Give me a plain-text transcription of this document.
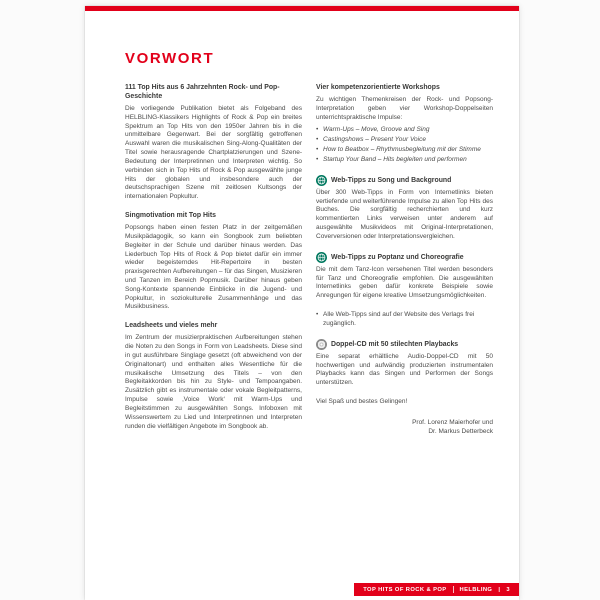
VORWORT
111 Top Hits aus 6 Jahrzehnten Rock- und Pop-Geschichte

Die vorliegende Publikation bietet als Folgeband des HELBLING-Klassikers Highlights of Rock & Pop ein breites Spektrum an Top Hits von den 1950er Jahren bis in die unmittelbare Gegenwart. Bei der sorgfältig getroffenen Auswahl waren die musikalischen Sing-Along-Qualitäten der Titel sowie herausragende Chartplatzierungen und Szene-Bedeutung der Interpretinnen und Interpreten wichtig. So verbinden sich in Top Hits of Rock & Pop ausgewählte junge Hits der globalen und insbesondere auch der deutschsprachigen Szene mit zeitlosen Kultsongs der internationalen Popkultur.

Singmotivation mit Top Hits

Popsongs haben einen festen Platz in der zeitgemäßen Musikpädagogik, so kann ein Songbook zum beliebten Begleiter in der Schule und darüber hinaus werden. Das Liederbuch Top Hits of Rock & Pop bietet dafür ein immer wieder begeisterndes Hit-Repertoire in besten praxisgerechten Aufbereitungen – für das Singen, Musizieren und Tanzen im Bereich Popmusik. Darüber hinaus geben Song-Kontexte spannende Einblicke in die Jugend- und Popkultur, in soziokulturelle Zusammenhänge und das Musikbusiness.

Leadsheets und vieles mehr

Im Zentrum der musizierpraktischen Aufbereitungen stehen die Noten zu den Songs in Form von Leadsheets. Diese sind in gut ausführbare Singlage gesetzt (oft abweichend von der Originaltonart) und enthalten alles Wesentliche für die musikalische Umsetzung des Titels – von den Begleitakkorden bis hin zu Style- und Tempoangaben. Zusätzlich gibt es instrumentale oder vokale Begleitpatterns, Impulse sowie ‚Voice Work‘ mit Warm-Ups und Begleitstimmen zu ausgewählten Songs. Infoboxen mit Wissenswertem zu Lied und Interpretinnen und Interpreten runden die vielfältigen Angebote im Songbook ab.

Vier kompetenzorientierte Workshops

Zu wichtigen Themenkreisen der Rock- und Popsong-Interpretation geben vier Workshop-Doppelseiten unterrichtspraktische Impulse:

• Warm-Ups – Move, Groove and Sing
• Castingshows – Present Your Voice
• How to Beatbox – Rhythmusbegleitung mit der Stimme
• Startup Your Band – Hits begleiten und performen
Web-Tipps zu Song und Background

Über 300 Web-Tipps in Form von Internetlinks bieten vertiefende und weiterführende Impulse zu allen Top Hits des Buches. Die sorgfältig recherchierten und kurz kommentierten Links verweisen unter anderem auf ausgewählte Musikvideos mit Original-Interpretationen, Coverversionen oder Interpretationsvergleichen.

Web-Tipps zu Poptanz und Choreografie

Die mit dem Tanz-Icon versehenen Titel werden besonders für Tanz und Choreografie empfohlen. Die ausgewählten Internetlinks geben dafür konkrete Beispiele sowie Anregungen für eigene kreative Umsetzungsmöglichkeiten.

• Alle Web-Tipps sind auf der Website des Verlags frei zugänglich.

Doppel-CD mit 50 stilechten Playbacks

Eine separat erhältliche Audio-Doppel-CD mit 50 hochwertigen und aufwändig produzierten instrumentalen Playbacks kann das Singen und Performen der Songs unterstützen.

Viel Spaß und bestes Gelingen!

Prof. Lorenz Maierhofer und
Dr. Markus Detterbeck
TOP HITS OF ROCK & POP HELBLING | 3
